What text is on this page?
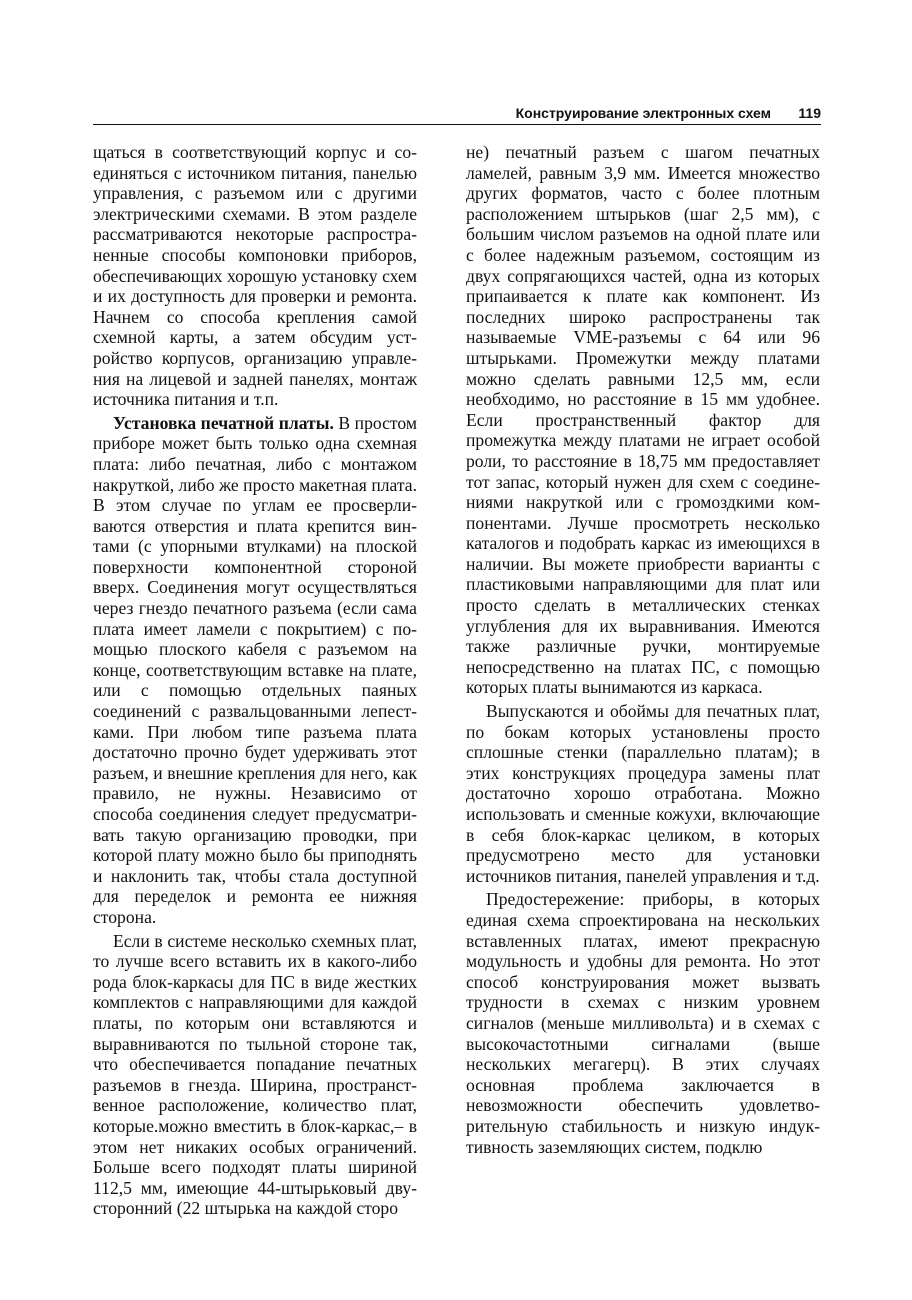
Конструирование электронных схем 119

щаться в соответствующий корпус и соединяться с источником питания, панелью управления, с разъемом или с другими электрическими схемами. В этом разделе рассматриваются некоторые распространенные способы компоновки приборов, обеспечивающих хорошую установку схем и их доступность для проверки и ремонта. Начнем со способа крепления самой схемной карты, а затем обсудим устройство корпусов, организацию управления на лицевой и задней панелях, монтаж источника питания и т.п.

Установка печатной платы. В простом приборе может быть только одна схемная плата: либо печатная, либо с монтажом накруткой, либо же просто макетная плата. В этом случае по углам ее просверливаются отверстия и плата крепится винтами (с упорными втулками) на плоской поверхности компонентной стороной вверх. Соединения могут осуществляться через гнездо печатного разъема (если сама плата имеет ламели с покрытием) с помощью плоского кабеля с разъемом на конце, соответствующим вставке на плате, или с помощью отдельных паяных соединений с развальцованными лепестками. При любом типе разъема плата достаточно прочно будет удерживать этот разъем, и внешние крепления для него, как правило, не нужны. Независимо от способа соединения следует предусматривать такую организацию проводки, при которой плату можно было бы приподнять и наклонить так, чтобы стала доступной для переделок и ремонта ее нижняя сторона.

Если в системе несколько схемных плат, то лучше всего вставить их в какого-либо рода блок-каркасы для ПС в виде жестких комплектов с направляющими для каждой платы, по которым они вставляются и выравниваются по тыльной стороне так, что обеспечивается попадание печатных разъемов в гнезда. Ширина, пространственное расположение, количество плат, которые.можно вместить в блок-каркас,– в этом нет никаких особых ограничений. Больше всего подходят платы шириной 112,5 мм, имеющие 44-штырьковый двусторонний (22 штырька на каждой сторо

не) печатный разъем с шагом печатных ламелей, равным 3,9 мм. Имеется множество других форматов, часто с более плотным расположением штырьков (шаг 2,5 мм), с большим числом разъемов на одной плате или с более надежным разъемом, состоящим из двух сопрягающихся частей, одна из которых припаивается к плате как компонент. Из последних широко распространены так называемые VME-разъемы с 64 или 96 штырьками. Промежутки между платами можно сделать равными 12,5 мм, если необходимо, но расстояние в 15 мм удобнее. Если пространственный фактор для промежутка между платами не играет особой роли, то расстояние в 18,75 мм предоставляет тот запас, который нужен для схем с соединениями накруткой или с громоздкими компонентами. Лучше просмотреть несколько каталогов и подобрать каркас из имеющихся в наличии. Вы можете приобрести варианты с пластиковыми направляющими для плат или просто сделать в металлических стенках углубления для их выравнивания. Имеются также различные ручки, монтируемые непосредственно на платах ПС, с помощью которых платы вынимаются из каркаса.

Выпускаются и обоймы для печатных плат, по бокам которых установлены просто сплошные стенки (параллельно платам); в этих конструкциях процедура замены плат достаточно хорошо отработана. Можно использовать и сменные кожухи, включающие в себя блок-каркас целиком, в которых предусмотрено место для установки источников питания, панелей управления и т.д.

Предостережение: приборы, в которых единая схема спроектирована на нескольких вставленных платах, имеют прекрасную модульность и удобны для ремонта. Но этот способ конструирования может вызвать трудности в схемах с низким уровнем сигналов (меньше милливольта) и в схемах с высокочастотными сигналами (выше нескольких мегагерц). В этих случаях основная проблема заключается в невозможности обеспечить удовлетворительную стабильность и низкую индуктивность заземляющих систем, подклю
